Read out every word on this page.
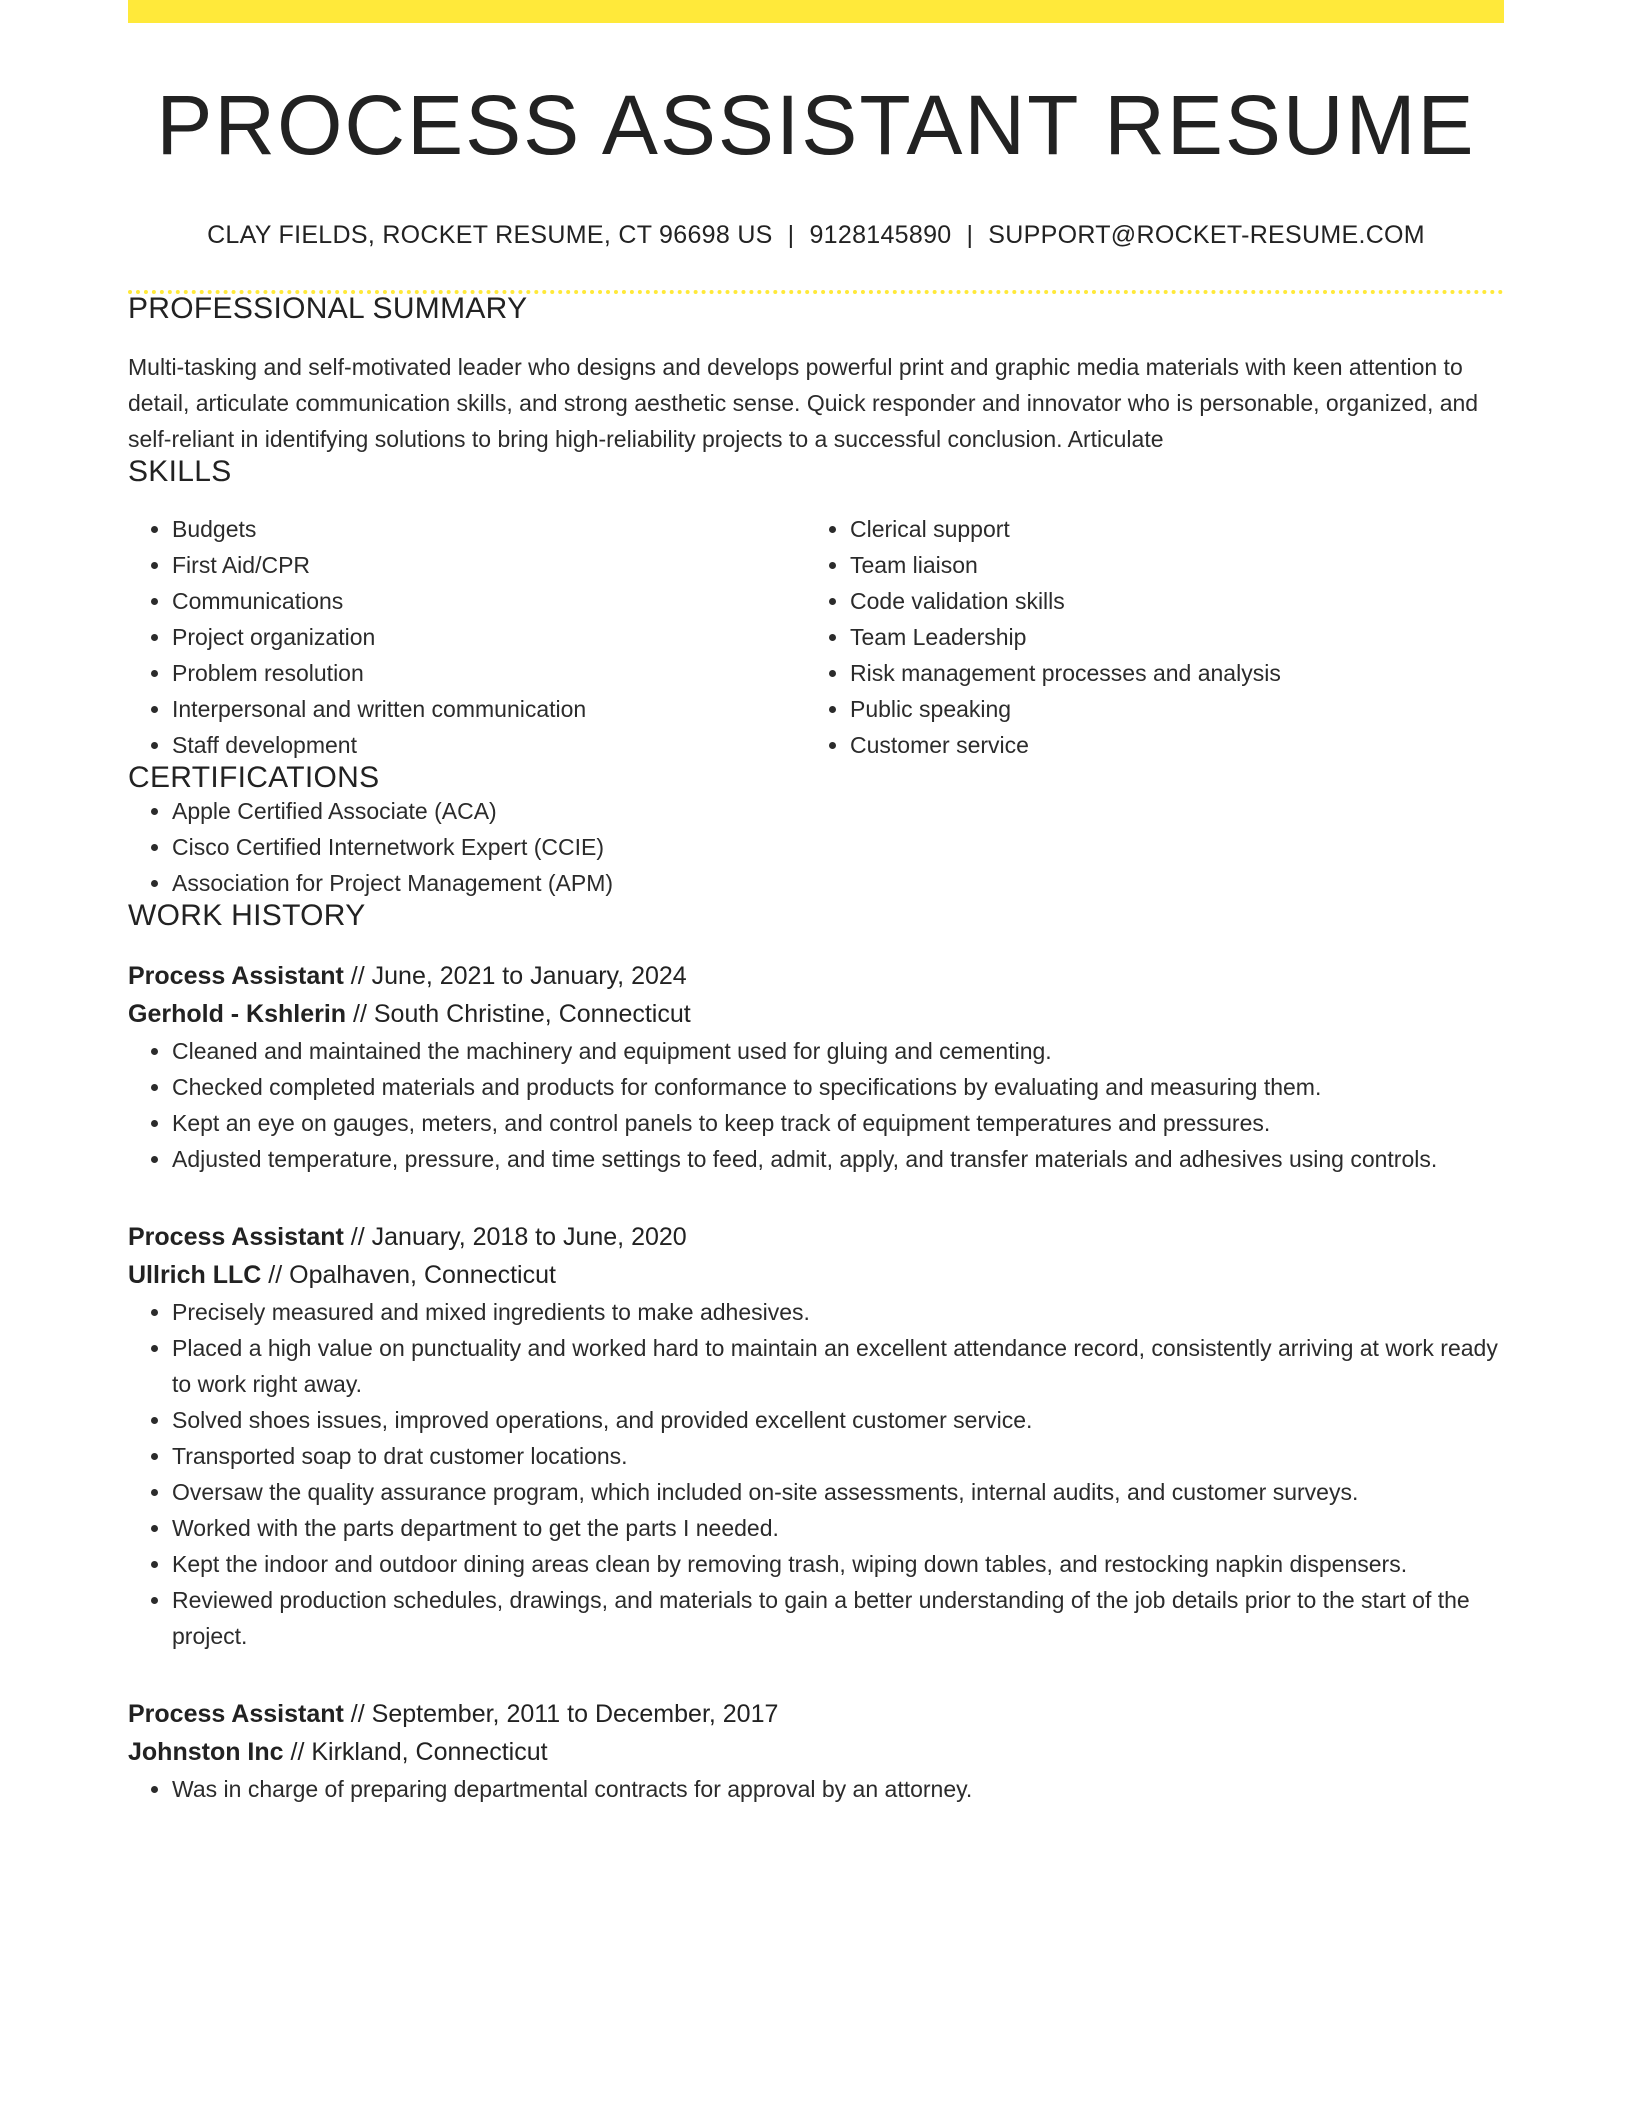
PROCESS ASSISTANT RESUME
CLAY FIELDS, ROCKET RESUME, CT 96698 US | 9128145890 | SUPPORT@ROCKET-RESUME.COM
PROFESSIONAL SUMMARY
Multi-tasking and self-motivated leader who designs and develops powerful print and graphic media materials with keen attention to detail, articulate communication skills, and strong aesthetic sense. Quick responder and innovator who is personable, organized, and self-reliant in identifying solutions to bring high-reliability projects to a successful conclusion. Articulate
SKILLS
• Budgets
• First Aid/CPR
• Communications
• Project organization
• Problem resolution
• Interpersonal and written communication
• Staff development
• Clerical support
• Team liaison
• Code validation skills
• Team Leadership
• Risk management processes and analysis
• Public speaking
• Customer service
CERTIFICATIONS
• Apple Certified Associate (ACA)
• Cisco Certified Internetwork Expert (CCIE)
• Association for Project Management (APM)
WORK HISTORY
Process Assistant // June, 2021 to January, 2024
Gerhold - Kshlerin // South Christine, Connecticut
• Cleaned and maintained the machinery and equipment used for gluing and cementing.
• Checked completed materials and products for conformance to specifications by evaluating and measuring them.
• Kept an eye on gauges, meters, and control panels to keep track of equipment temperatures and pressures.
• Adjusted temperature, pressure, and time settings to feed, admit, apply, and transfer materials and adhesives using controls.
Process Assistant // January, 2018 to June, 2020
Ullrich LLC // Opalhaven, Connecticut
• Precisely measured and mixed ingredients to make adhesives.
• Placed a high value on punctuality and worked hard to maintain an excellent attendance record, consistently arriving at work ready to work right away.
• Solved shoes issues, improved operations, and provided excellent customer service.
• Transported soap to drat customer locations.
• Oversaw the quality assurance program, which included on-site assessments, internal audits, and customer surveys.
• Worked with the parts department to get the parts I needed.
• Kept the indoor and outdoor dining areas clean by removing trash, wiping down tables, and restocking napkin dispensers.
• Reviewed production schedules, drawings, and materials to gain a better understanding of the job details prior to the start of the project.
Process Assistant // September, 2011 to December, 2017
Johnston Inc // Kirkland, Connecticut
• Was in charge of preparing departmental contracts for approval by an attorney.
